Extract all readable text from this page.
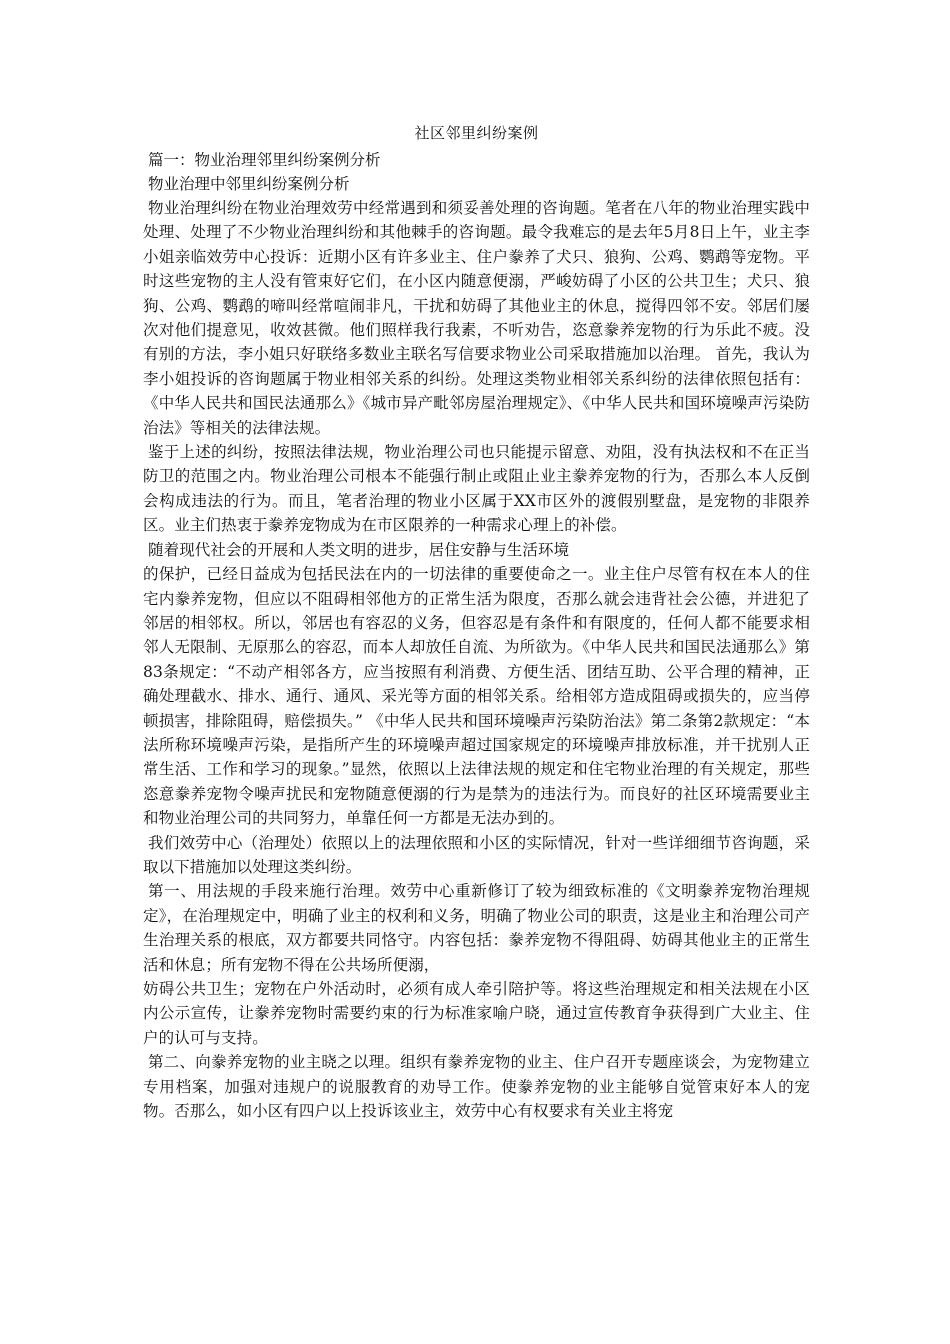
社区邻里纠纷案例
篇一：物业治理邻里纠纷案例分析
物业治理中邻里纠纷案例分析

物业治理纠纷在物业治理效劳中经常遇到和须妥善处理的咨询题。笔者在八年的物业治理实践中处理、处理了不少物业治理纠纷和其他棘手的咨询题。最令我难忘的是去年5月8日上午，业主李小姐亲临效劳中心投诉：近期小区有许多业主、住户豢养了犬只、狼狗、公鸡、鹦鹉等宠物。平时这些宠物的主人没有管束好它们，在小区内随意便溺，严峻妨碍了小区的公共卫生；犬只、狼狗、公鸡、鹦鹉的啼叫经常喧闹非凡，干扰和妨碍了其他业主的休息，搅得四邻不安。邻居们屡次对他们提意见，收效甚微。他们照样我行我素，不听劝告，恣意豢养宠物的行为乐此不疲。没有别的方法，李小姐只好联络多数业主联名写信要求物业公司采取措施加以治理。 首先，我认为李小姐投诉的咨询题属于物业相邻关系的纠纷。处理这类物业相邻关系纠纷的法律依照包括有：《中华人民共和国民法通那么》《城市异产毗邻房屋治理规定》、《中华人民共和国环境噪声污染防治法》等相关的法律法规。

鉴于上述的纠纷，按照法律法规，物业治理公司也只能提示留意、劝阻，没有执法权和不在正当防卫的范围之内。物业治理公司根本不能强行制止或阻止业主豢养宠物的行为，否那么本人反倒会构成违法的行为。而且，笔者治理的物业小区属于XX市区外的渡假别墅盘，是宠物的非限养区。业主们热衷于豢养宠物成为在市区限养的一种需求心理上的补偿。

随着现代社会的开展和人类文明的进步，居住安静与生活环境

的保护，已经日益成为包括民法在内的一切法律的重要使命之一。业主住户尽管有权在本人的住宅内豢养宠物，但应以不阻碍相邻他方的正常生活为限度，否那么就会违背社会公德，并进犯了邻居的相邻权。所以，邻居也有容忍的义务，但容忍是有条件和有限度的，任何人都不能要求相邻人无限制、无原那么的容忍，而本人却放任自流、为所欲为。《中华人民共和国民法通那么》第83条规定：“不动产相邻各方，应当按照有利消费、方便生活、团结互助、公平合理的精神，正确处理截水、排水、通行、通风、采光等方面的相邻关系。给相邻方造成阻碍或损失的，应当停顿损害，排除阻碍，赔偿损失。” 《中华人民共和国环境噪声污染防治法》第二条第2款规定：“本法所称环境噪声污染，是指所产生的环境噪声超过国家规定的环境噪声排放标准，并干扰别人正常生活、工作和学习的现象。”显然，依照以上法律法规的规定和住宅物业治理的有关规定，那些恣意豢养宠物令噪声扰民和宠物随意便溺的行为是禁为的违法行为。而良好的社区环境需要业主和物业治理公司的共同努力，单靠任何一方都是无法办到的。

我们效劳中心（治理处）依照以上的法理依照和小区的实际情况，针对一些详细细节咨询题，采取以下措施加以处理这类纠纷。

第一、用法规的手段来施行治理。效劳中心重新修订了较为细致标准的《文明豢养宠物治理规定》，在治理规定中，明确了业主的权利和义务，明确了物业公司的职责，这是业主和治理公司产生治理关系的根底，双方都要共同恪守。内容包括：豢养宠物不得阻碍、妨碍其他业主的正常生活和休息；所有宠物不得在公共场所便溺，

妨碍公共卫生；宠物在户外活动时，必须有成人牵引陪护等。将这些治理规定和相关法规在小区内公示宣传，让豢养宠物时需要约束的行为标准家喻户晓，通过宣传教育争获得到广大业主、住户的认可与支持。

第二、向豢养宠物的业主晓之以理。组织有豢养宠物的业主、住户召开专题座谈会，为宠物建立专用档案，加强对违规户的说服教育的劝导工作。使豢养宠物的业主能够自觉管束好本人的宠物。否那么，如小区有四户以上投诉该业主，效劳中心有权要求有关业主将宠
